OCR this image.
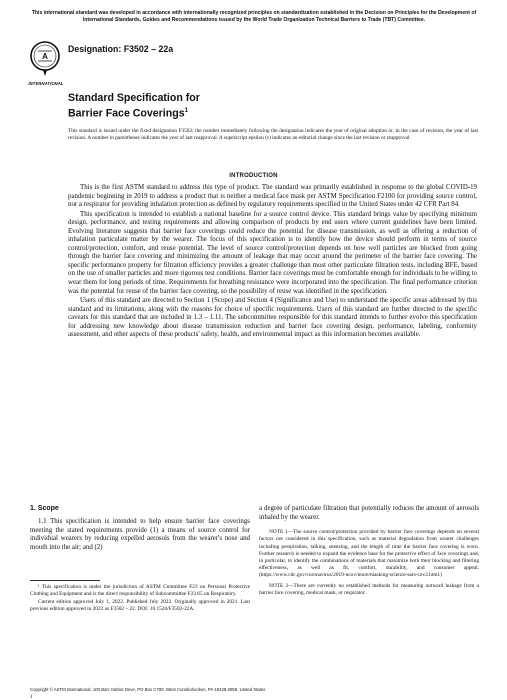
This international standard was developed in accordance with internationally recognized principles on standardization established in the Decision on Principles for the Development of International Standards, Guides and Recommendations issued by the World Trade Organization Technical Barriers to Trade (TBT) Committee.
A
INTERNATIONAL
Designation: F3502 – 22a
Standard Specification for
Barrier Face Coverings$^1$
This standard is issued under the fixed designation F3502; the number immediately following the designation indicates the year of original adoption or, in the case of revision, the year of last revision. A number in parentheses indicates the year of last reapproval. A superscript epsilon (ε) indicates an editorial change since the last revision or reapproval.
INTRODUCTION

This is the first ASTM standard to address this type of product. The standard was primarily established in response to the global COVID-19 pandemic beginning in 2019 to address a product that is neither a medical face mask per ASTM Specification F2100 for providing source control, nor a respirator for providing inhalation protection as defined by regulatory requirements specified in the United States under 42 CFR Part 84.

This specification is intended to establish a national baseline for a source control device. This standard brings value by specifying minimum design, performance, and testing requirements and allowing comparison of products by end users where current guidelines have been limited. Evolving literature suggests that barrier face coverings could reduce the potential for disease transmission, as well as offering a reduction of inhalation particulate matter by the wearer. The focus of this specification is to identify how the device should perform in terms of source control/protection, comfort, and reuse potential. The level of source control/protection depends on how well particles are blocked from going through the barrier face covering and minimizing the amount of leakage that may occur around the perimeter of the barrier face covering. The specific performance property for filtration efficiency provides a greater challenge than most other particulate filtration tests, including BFE, based on the use of smaller particles and more rigorous test conditions. Barrier face coverings must be comfortable enough for individuals to be willing to wear them for long periods of time. Requirements for breathing resistance were incorporated into the specification. The final performance criterion was the potential for reuse of the barrier face covering, so the possibility of reuse was identified in the specification.

Users of this standard are directed to Section 1 (Scope) and Section 4 (Significance and Use) to understand the specific areas addressed by this standard and its limitations, along with the reasons for choice of specific requirements. Users of this standard are further directed to the specific caveats for this standard that are included in 1.3 – 1.11. The subcommittee responsible for this standard intends to further evolve this specification for addressing new knowledge about disease transmission reduction and barrier face covering design, performance, labeling, conformity assessment, and other aspects of these products' safety, health, and environmental impact as this information becomes available.

1. Scope

1.1 This specification is intended to help ensure barrier face coverings meeting the stated requirements provide (1) a means of source control for individual wearers by reducing expelled aerosols from the wearer's nose and mouth into the air; and (2)

a degree of particulate filtration that potentially reduces the amount of aerosols inhaled by the wearer.

NOTE 1—The source control/protection provided by barrier face coverings depends on several factors not considered in this specification, such as material degradation from wearer challenges including perspiration, talking, sneezing, and the length of time the barrier face covering is worn. Further research is needed to expand the evidence base for the protective effect of face coverings and, in particular, to identify the combinations of materials that maximize both their blocking and filtering effectiveness, as well as fit, comfort, durability, and consumer appeal. (https://www.cdc.gov/coronavirus/2019-ncov/more/masking-science-sars-cov2.html.)

NOTE 2—There are currently no established methods for measuring outward leakage from a barrier face covering, medical mask, or respirator.

¹ This specification is under the jurisdiction of ASTM Committee F23 on Personal Protective Clothing and Equipment and is the direct responsibility of Subcommittee F23.65 on Respiratory.

Current edition approved July 1, 2022. Published July 2022. Originally approved in 2021. Last previous edition approved in 2022 as F3502 – 22. DOI: 10.1520/F3502-22A.

Copyright © ASTM International, 100 Barr Harbor Drive, PO Box C700, West Conshohocken, PA 19428-2959. United States
1
